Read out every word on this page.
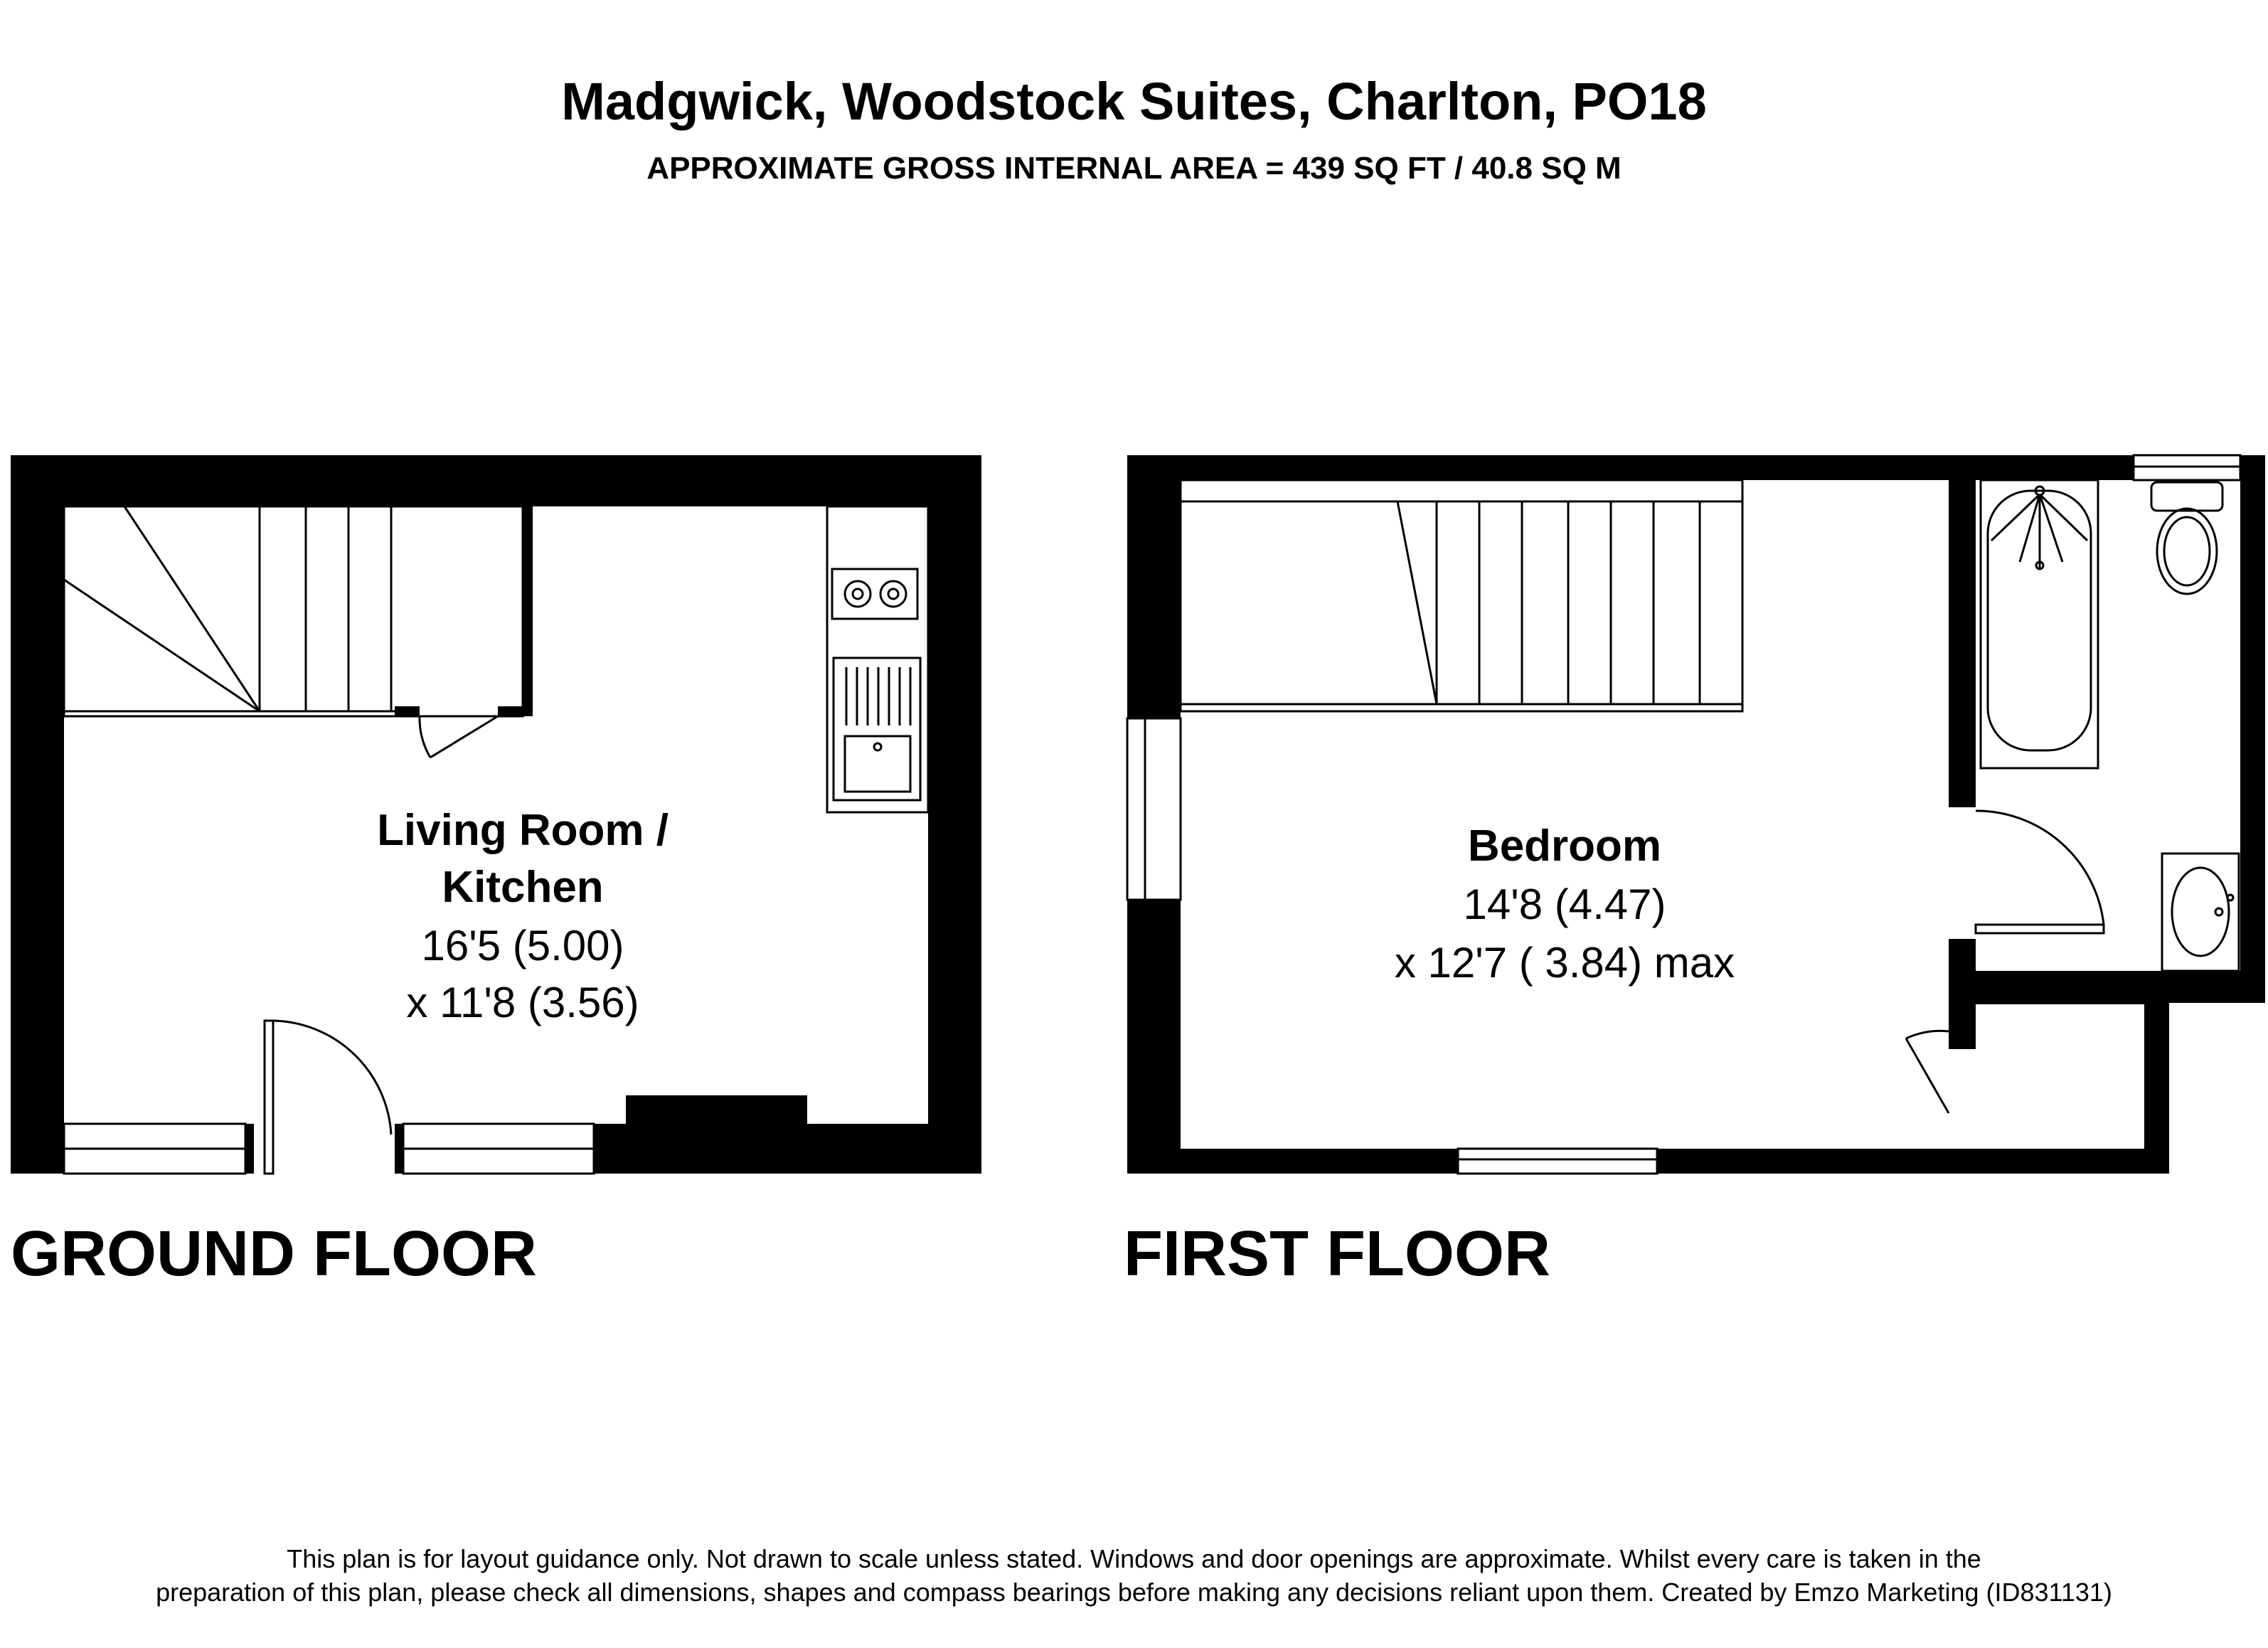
Madgwick, Woodstock Suites, Charlton, PO18
APPROXIMATE GROSS INTERNAL AREA = 439 SQ FT / 40.8 SQ M
Living Room /
Kitchen
16'5 (5.00)
x 11'8 (3.56)
Bedroom
14'8 (4.47)
x 12'7 ( 3.84) max
GROUND FLOOR	FIRST FLOOR
This plan is for layout guidance only. Not drawn to scale unless stated. Windows and door openings are approximate. Whilst every care is taken in the
preparation of this plan, please check all dimensions, shapes and compass bearings before making any decisions reliant upon them. Created by Emzo Marketing (ID831131)
